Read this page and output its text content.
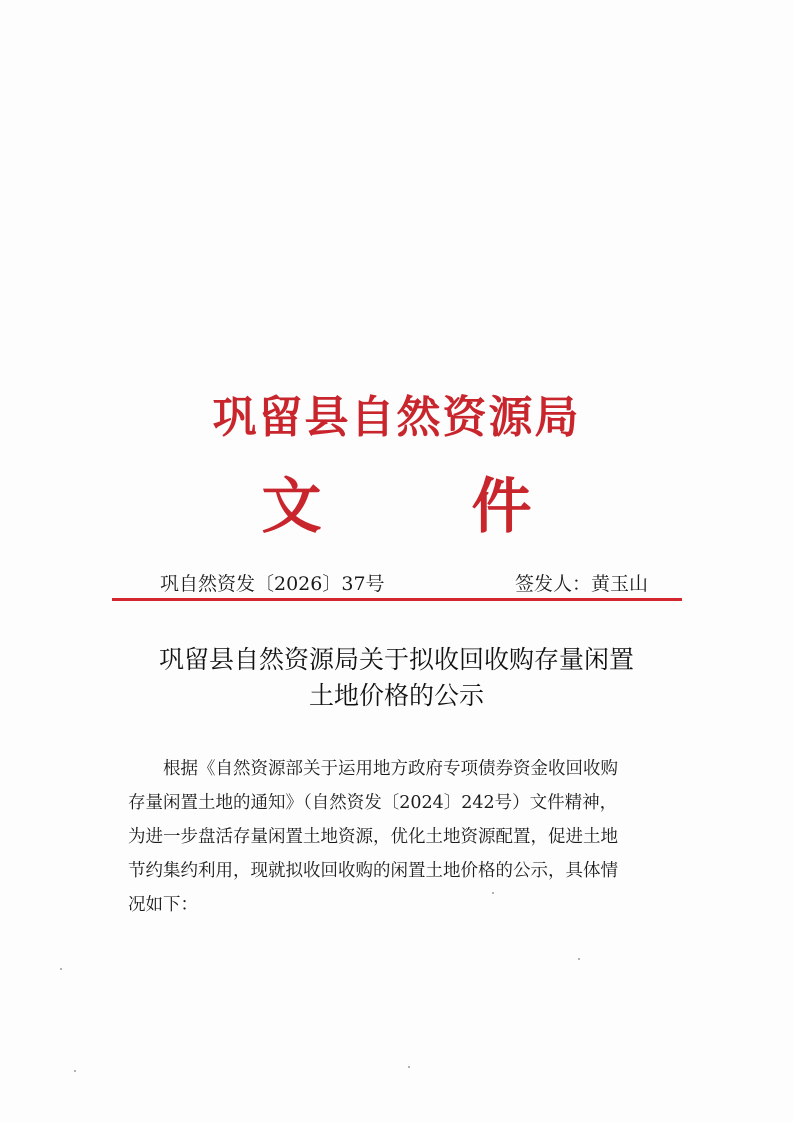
巩留县自然资源局
文件
巩自然资发〔2026〕37号	签发人：黄玉山
巩留县自然资源局关于拟收回收购存量闲置
土地价格的公示
根据《自然资源部关于运用地方政府专项债券资金收回收购
存量闲置土地的通知》（自然资发〔2024〕242号）文件精神，
为进一步盘活存量闲置土地资源，优化土地资源配置，促进土地
节约集约利用，现就拟收回收购的闲置土地价格的公示，具体情
况如下：
